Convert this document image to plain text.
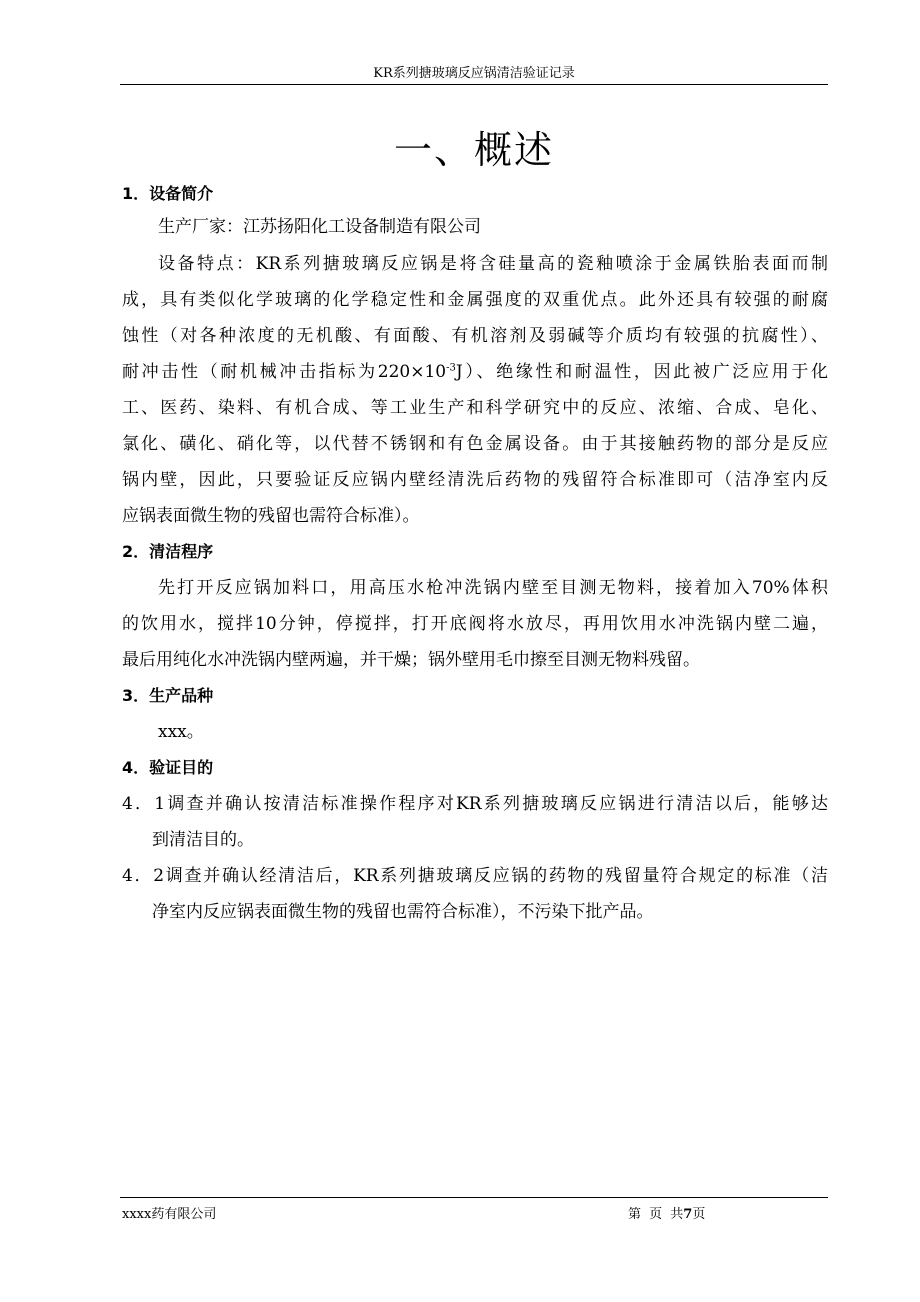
KR系列搪玻璃反应锅清洁验证记录
一、概述
1．设备简介
生产厂家：江苏扬阳化工设备制造有限公司
设备特点：KR系列搪玻璃反应锅是将含硅量高的瓷釉喷涂于金属铁胎表面而制
成，具有类似化学玻璃的化学稳定性和金属强度的双重优点。此外还具有较强的耐腐
蚀性（对各种浓度的无机酸、有面酸、有机溶剂及弱碱等介质均有较强的抗腐性）、
耐冲击性（耐机械冲击指标为$220\times 10^{-3}J$）、绝缘性和耐温性，因此被广泛应用于化
工、医药、染料、有机合成、等工业生产和科学研究中的反应、浓缩、合成、皂化、
氯化、磺化、硝化等，以代替不锈钢和有色金属设备。由于其接触药物的部分是反应
锅内壁，因此，只要验证反应锅内壁经清洗后药物的残留符合标准即可（洁净室内反
应锅表面微生物的残留也需符合标准）。
2．清洁程序
先打开反应锅加料口，用高压水枪冲洗锅内壁至目测无物料，接着加入70%体积
的饮用水，搅拌10分钟，停搅拌，打开底阀将水放尽，再用饮用水冲洗锅内壁二遍，
最后用纯化水冲洗锅内壁两遍，并干燥；锅外壁用毛巾擦至目测无物料残留。
3．生产品种
xxx。
4．验证目的
4．1调查并确认按清洁标准操作程序对KR系列搪玻璃反应锅进行清洁以后，能够达
到清洁目的。
4．2调查并确认经清洁后，KR系列搪玻璃反应锅的药物的残留量符合规定的标准（洁
净室内反应锅表面微生物的残留也需符合标准），不污染下批产品。
xxxx药有限公司	第 页 共7页
